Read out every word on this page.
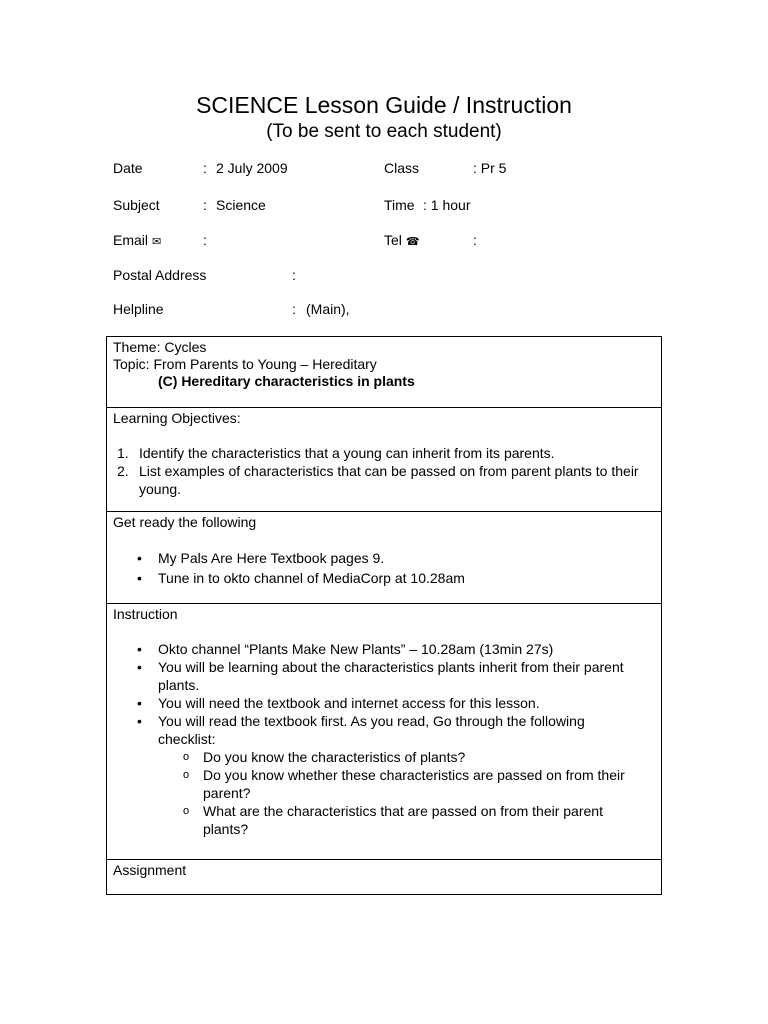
SCIENCE Lesson Guide / Instruction
(To be sent to each student)
Date	: 2 July 2009	Class	: Pr 5
Subject	: Science	Time : 1 hour
Email ✉	:	Tel ☎	:
Postal Address	:
Helpline	: (Main),
Theme: Cycles
Topic: From Parents to Young – Hereditary
(C) Hereditary characteristics in plants
Learning Objectives:
1. Identify the characteristics that a young can inherit from its parents.
2. List examples of characteristics that can be passed on from parent plants to their young.
Get ready the following
• My Pals Are Here Textbook pages 9.
• Tune in to okto channel of MediaCorp at 10.28am
Instruction
• Okto channel “Plants Make New Plants” – 10.28am (13min 27s)
• You will be learning about the characteristics plants inherit from their parent plants.
• You will need the textbook and internet access for this lesson.
• You will read the textbook first. As you read, Go through the following checklist:
o Do you know the characteristics of plants?
o Do you know whether these characteristics are passed on from their parent?
o What are the characteristics that are passed on from their parent plants?
Assignment
